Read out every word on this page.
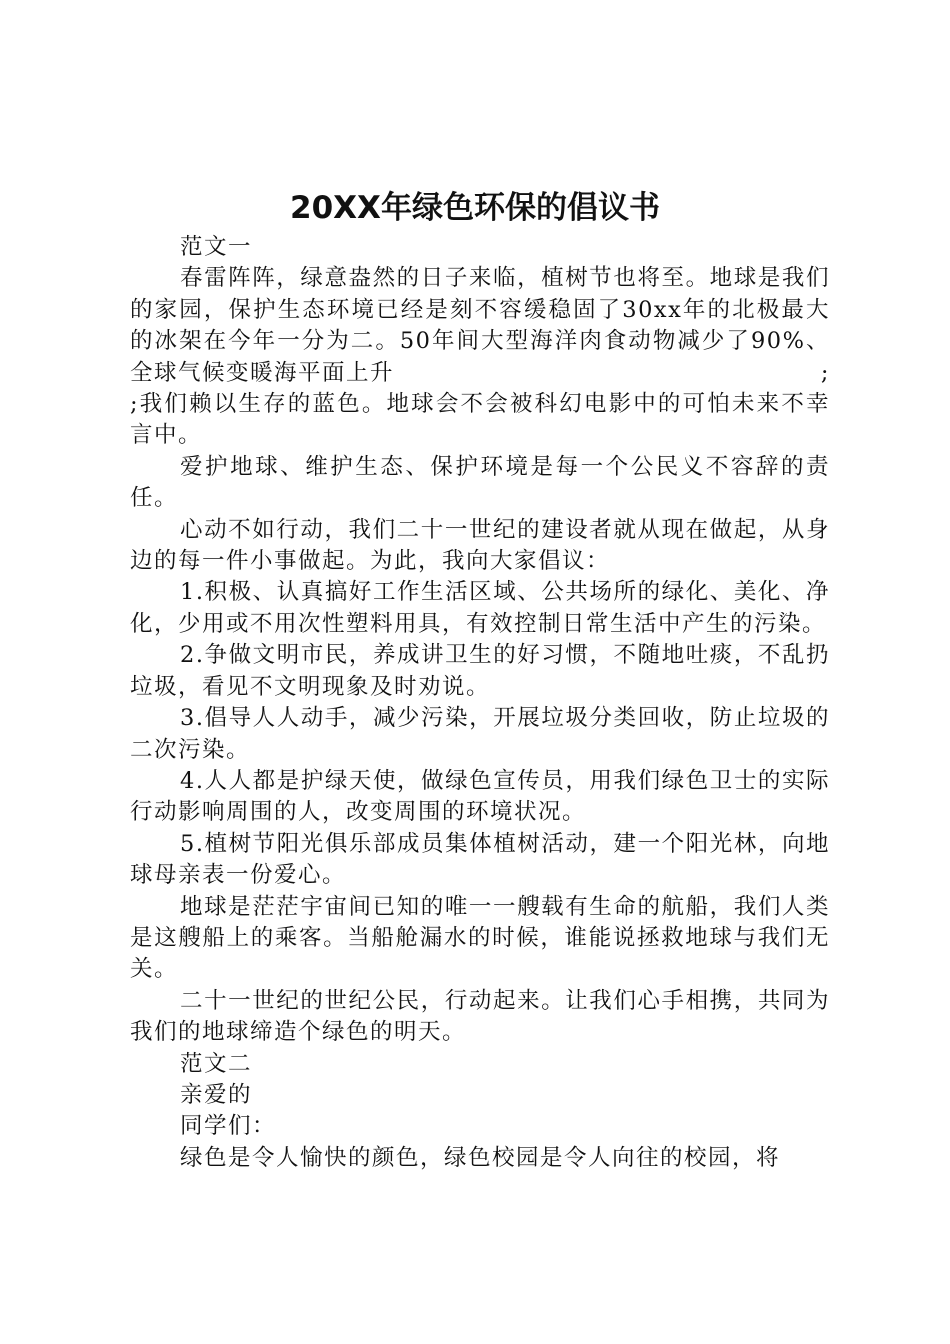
20XX年绿色环保的倡议书

范文一

春雷阵阵，绿意盎然的日子来临，植树节也将至。地球是我们的家园，保护生态环境已经是刻不容缓稳固了30xx年的北极最大的冰架在今年一分为二。50年间大型海洋肉食动物减少了90%、全球气候变暖海平面上升	;

;我们赖以生存的蓝色。地球会不会被科幻电影中的可怕未来不幸言中。

爱护地球、维护生态、保护环境是每一个公民义不容辞的责任。

心动不如行动，我们二十一世纪的建设者就从现在做起，从身边的每一件小事做起。为此，我向大家倡议：

1.积极、认真搞好工作生活区域、公共场所的绿化、美化、净化，少用或不用次性塑料用具，有效控制日常生活中产生的污染。

2.争做文明市民，养成讲卫生的好习惯，不随地吐痰，不乱扔垃圾，看见不文明现象及时劝说。

3.倡导人人动手，减少污染，开展垃圾分类回收，防止垃圾的二次污染。

4.人人都是护绿天使，做绿色宣传员，用我们绿色卫士的实际行动影响周围的人，改变周围的环境状况。

5.植树节阳光俱乐部成员集体植树活动，建一个阳光林，向地球母亲表一份爱心。

地球是茫茫宇宙间已知的唯一一艘载有生命的航船，我们人类是这艘船上的乘客。当船舱漏水的时候，谁能说拯救地球与我们无关。

二十一世纪的世纪公民，行动起来。让我们心手相携，共同为我们的地球缔造个绿色的明天。

范文二

亲爱的

同学们：

绿色是令人愉快的颜色，绿色校园是令人向往的校园，将
